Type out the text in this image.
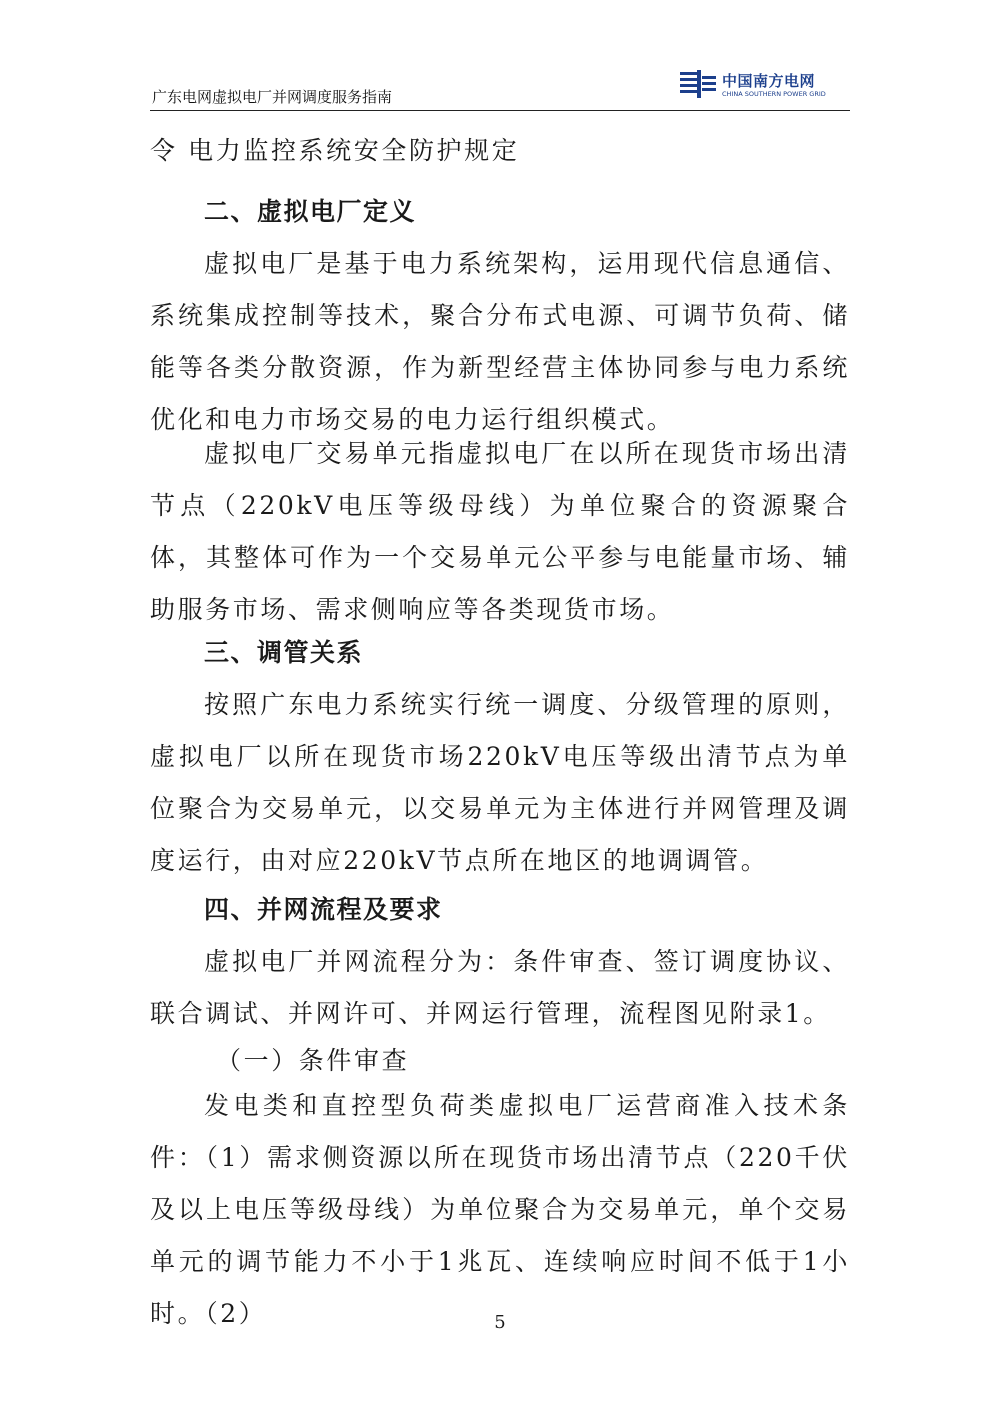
广东电网虚拟电厂并网调度服务指南
中国南方电网
CHINA SOUTHERN POWER GRID
令 电力监控系统安全防护规定
二、虚拟电厂定义
虚拟电厂是基于电力系统架构，运用现代信息通信、系统集成控制等技术，聚合分布式电源、可调节负荷、储能等各类分散资源，作为新型经营主体协同参与电力系统优化和电力市场交易的电力运行组织模式。
虚拟电厂交易单元指虚拟电厂在以所在现货市场出清节点（220kV电压等级母线）为单位聚合的资源聚合体，其整体可作为一个交易单元公平参与电能量市场、辅助服务市场、需求侧响应等各类现货市场。
三、调管关系
按照广东电力系统实行统一调度、分级管理的原则，虚拟电厂以所在现货市场220kV电压等级出清节点为单位聚合为交易单元，以交易单元为主体进行并网管理及调度运行，由对应220kV节点所在地区的地调调管。
四、并网流程及要求
虚拟电厂并网流程分为：条件审查、签订调度协议、联合调试、并网许可、并网运行管理，流程图见附录1。
（一）条件审查
发电类和直控型负荷类虚拟电厂运营商准入技术条件：（1）需求侧资源以所在现货市场出清节点（220千伏及以上电压等级母线）为单位聚合为交易单元，单个交易单元的调节能力不小于1兆瓦、连续响应时间不低于1小时。（2）	5
